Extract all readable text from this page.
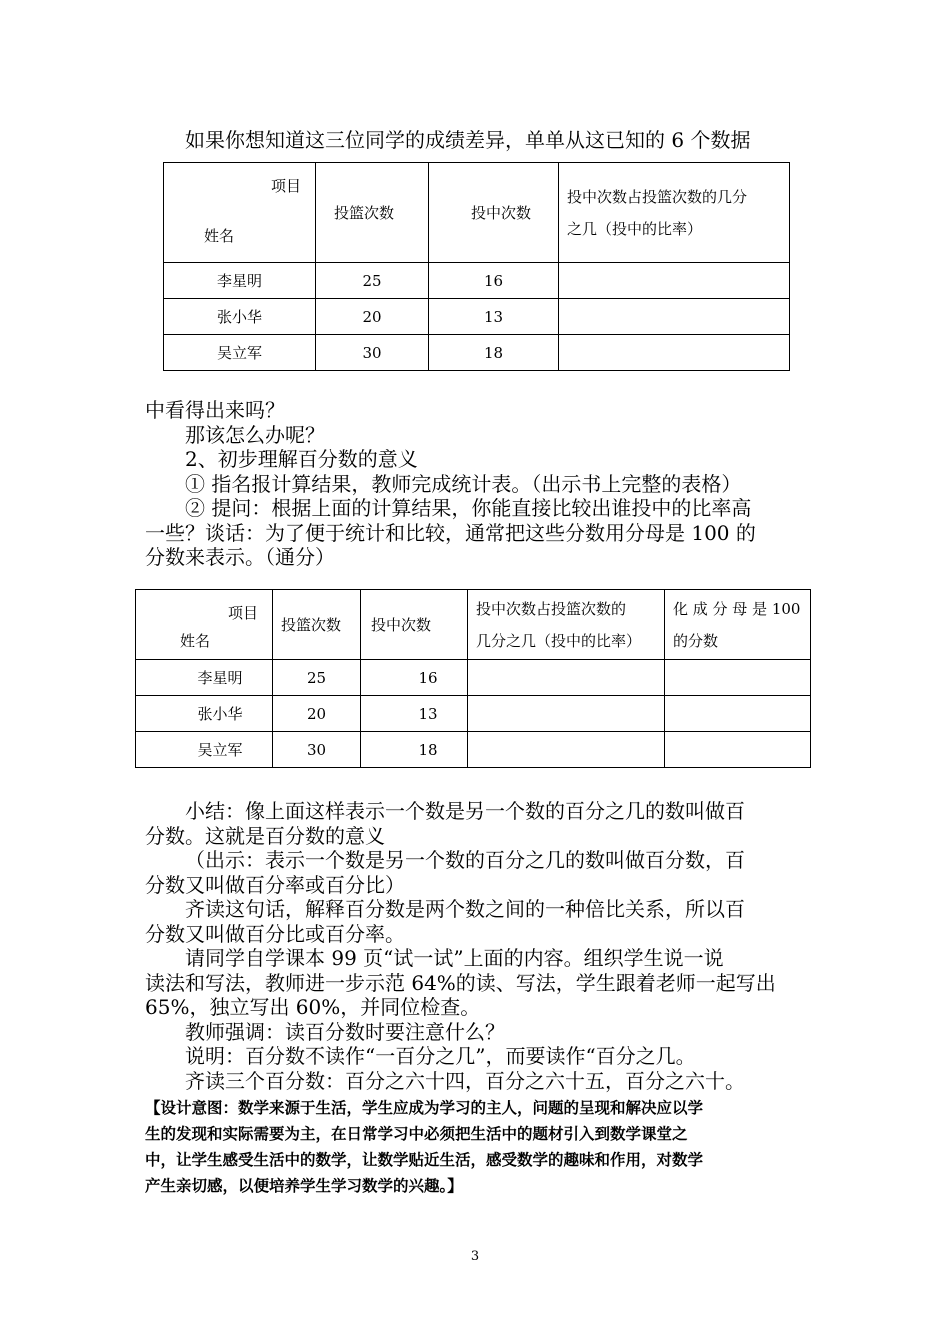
如果你想知道这三位同学的成绩差异，单单从这已知的 6 个数据
项目
姓名	投篮次数	投中次数	投中次数占投篮次数的几分
之几（投中的比率）
李星明	25	16	
张小华	20	13	
吴立军	30	18	
中看得出来吗？
那该怎么办呢？
2、初步理解百分数的意义
① 指名报计算结果，教师完成统计表。（出示书上完整的表格）
② 提问：根据上面的计算结果，你能直接比较出谁投中的比率高
一些？谈话：为了便于统计和比较，通常把这些分数用分母是 100 的
分数来表示。（通分）
项目
姓名	投篮次数	投中次数	投中次数占投篮次数的
几分之几（投中的比率）	化 成 分 母 是 100
的分数
李星明	25	16		
张小华	20	13		
吴立军	30	18		
小结：像上面这样表示一个数是另一个数的百分之几的数叫做百
分数。这就是百分数的意义
（出示：表示一个数是另一个数的百分之几的数叫做百分数，百
分数又叫做百分率或百分比）
齐读这句话，解释百分数是两个数之间的一种倍比关系，所以百
分数又叫做百分比或百分率。
请同学自学课本 99 页“试一试”上面的内容。组织学生说一说
读法和写法，教师进一步示范 64%的读、写法，学生跟着老师一起写出
65%，独立写出 60%，并同位检查。
教师强调：读百分数时要注意什么？
说明：百分数不读作“一百分之几”，而要读作“百分之几。
齐读三个百分数：百分之六十四，百分之六十五，百分之六十。
【设计意图：数学来源于生活，学生应成为学习的主人，问题的呈现和解决应以学
生的发现和实际需要为主，在日常学习中必须把生活中的题材引入到数学课堂之
中，让学生感受生活中的数学，让数学贴近生活，感受数学的趣味和作用，对数学
产生亲切感，以便培养学生学习数学的兴趣。】
3
